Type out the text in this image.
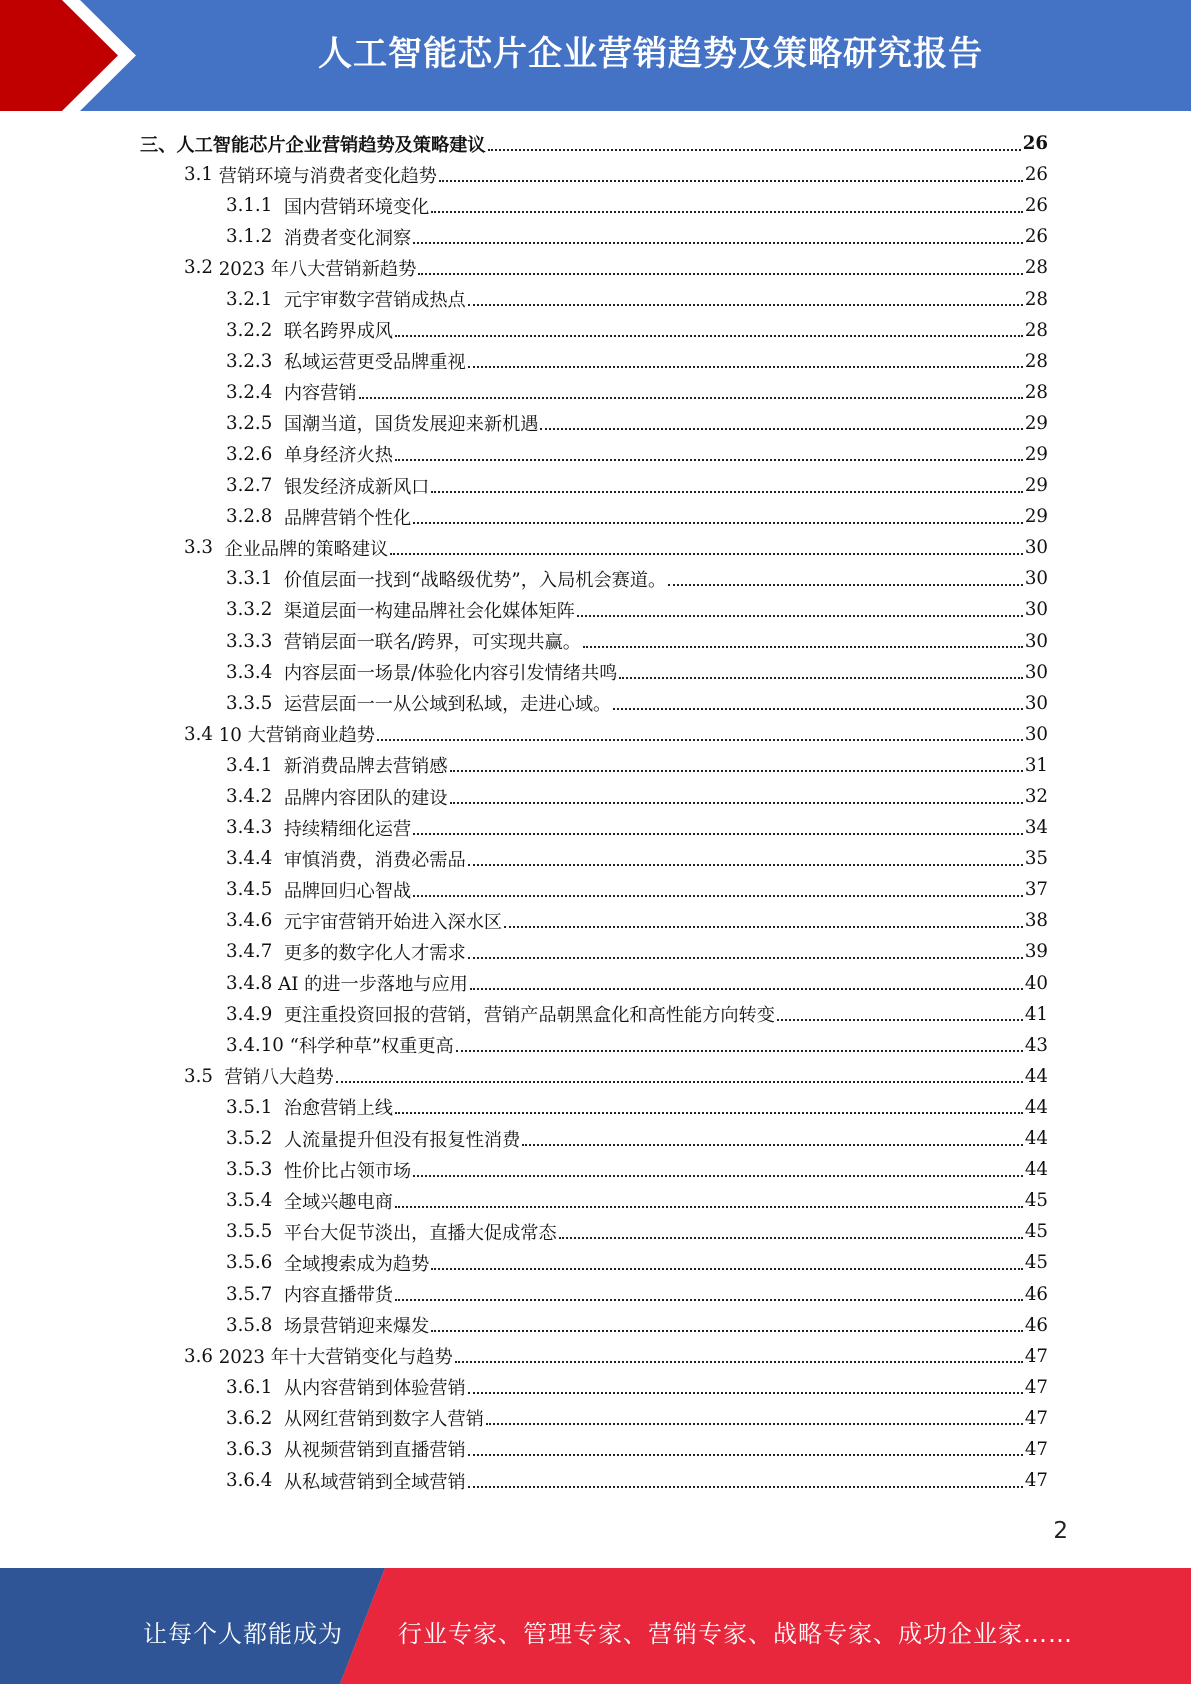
人工智能芯片企业营销趋势及策略研究报告
三、人工智能芯片企业营销趋势及策略建议	26
3.1 营销环境与消费者变化趋势	26
3.1.1 国内营销环境变化	26
3.1.2 消费者变化洞察	26
3.2 2023 年八大营销新趋势	28
3.2.1 元宇审数字营销成热点	28
3.2.2 联名跨界成风	28
3.2.3 私域运营更受品牌重视	28
3.2.4 内容营销	28
3.2.5 国潮当道，国货发展迎来新机遇	29
3.2.6 单身经济火热	29
3.2.7 银发经济成新风口	29
3.2.8 品牌营销个性化	29
3.3 企业品牌的策略建议	30
3.3.1 价值层面一找到“战略级优势”，入局机会赛道。	30
3.3.2 渠道层面一构建品牌社会化媒体矩阵	30
3.3.3 营销层面一联名/跨界，可实现共赢。	30
3.3.4 内容层面一场景/体验化内容引发情绪共鸣	30
3.3.5 运营层面一一从公域到私域，走进心域。	30
3.4 10 大营销商业趋势	30
3.4.1 新消费品牌去营销感	31
3.4.2 品牌内容团队的建设	32
3.4.3 持续精细化运营	34
3.4.4 审慎消费，消费必需品	35
3.4.5 品牌回归心智战	37
3.4.6 元宇宙营销开始进入深水区	38
3.4.7 更多的数字化人才需求	39
3.4.8 AI 的进一步落地与应用	40
3.4.9 更注重投资回报的营销，营销产品朝黑盒化和高性能方向转变	41
3.4.10 “科学种草”权重更高	43
3.5 营销八大趋势	44
3.5.1 治愈营销上线	44
3.5.2 人流量提升但没有报复性消费	44
3.5.3 性价比占领市场	44
3.5.4 全域兴趣电商	45
3.5.5 平台大促节淡出，直播大促成常态	45
3.5.6 全域搜索成为趋势	45
3.5.7 内容直播带货	46
3.5.8 场景营销迎来爆发	46
3.6 2023 年十大营销变化与趋势	47
3.6.1 从内容营销到体验营销	47
3.6.2 从网红营销到数字人营销	47
3.6.3 从视频营销到直播营销	47
3.6.4 从私域营销到全域营销	47
2
让每个人都能成为 行业专家、管理专家、营销专家、战略专家、成功企业家……
